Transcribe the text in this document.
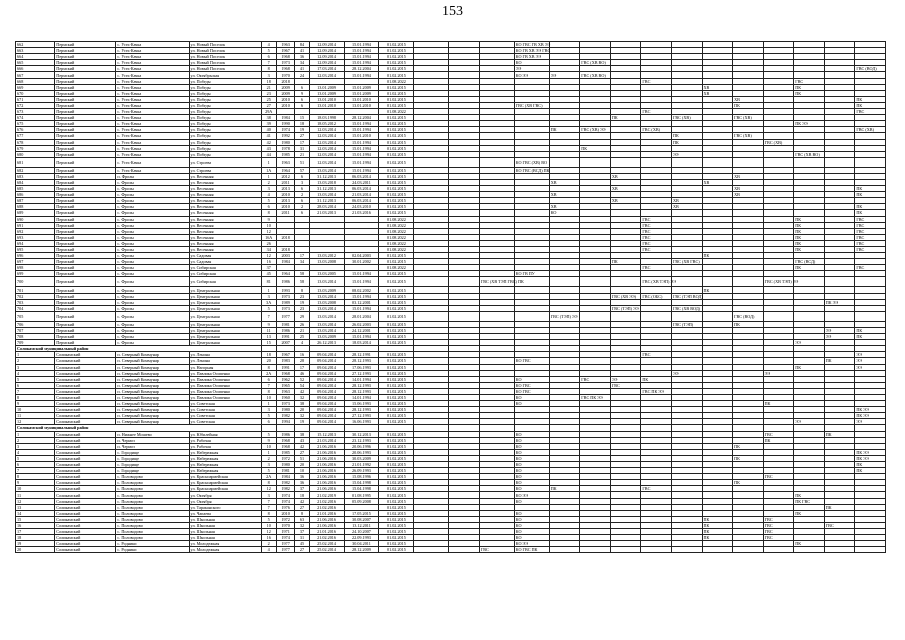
153
662	Пермский	с. Усть-Качка	ул. Новый Поселок	4	1963	84	12.09.2014	15.01.1994	01.02.2015				КО ГВС ГВ ХВ ЭЭ											
663	Пермский	с. Усть-Качка	ул. Новый Поселок	5	1967	41	12.09.2014	15.01.1994	01.02.2015				КО ГВ ХВ ЭЭ ГВС											
664	Пермский	с. Усть-Качка	ул. Новый Поселок	6	1968	36	12.09.2014	15.01.1994	01.02.2015				КО ГВ ХВ ЭЭ											
665	Пермский	с. Усть-Качка	ул. Новый Поселок	7	1973	34	12.09.2014	15.01.1994	01.02.2015				КО		ГВС (ХВ ВО)									
666	Пермский	с. Усть-Качка	ул. Новый Поселок	8	1968	41	17.03.2014	28.12.2004	01.02.2015				ЭЭ											ГВС (ВОД)
667	Пермский	с. Усть-Качка	ул. Октябрьская	3	1970	24	12.03.2014	15.01.1994	01.02.2015				КО ЭЭ	ЭЭ	ГВС (ХВ ВО)									
668	Пермский	с. Усть-Качка	ул. Победы	18	2018				01.08.2022								ГВС					ГВС		
669	Пермский	с. Усть-Качка	ул. Победы	21	2009	6	13.01.2009	15.01.2009	01.02.2015										ХВ			ПК		
670	Пермский	с. Усть-Качка	ул. Победы	23	2009	9	13.01.2009	15.01.2009	01.02.2015										ХВ			ПК		
671	Пермский	с. Усть-Качка	ул. Победы	25	2010	6	13.01.2010	13.01.2010	01.02.2015											ХВ				ПК
672	Пермский	с. Усть-Качка	ул. Победы	27	2010	6	13.01.2010	13.01.2010	01.02.2015				ГВС (ХВ ГВС)							ПК				ПК
673	Пермский	с. Усть-Качка	ул. Победы	29А					01.08.2022								ГВС							ГВС
674	Пермский	с. Усть-Качка	ул. Победы	38	1984	15	18.03.1998	28.12.2004	01.02.2015							ПК		ГВС (ХВ)		ГВС (ХВ)				
675	Пермский	с. Усть-Качка	ул. Победы	39	1990	18	18.05.2012	15.01.1994	01.02.2015													ПК ЭЭ		
676	Пермский	с. Усть-Качка	ул. Победы	40	1974	19	12.03.2014	15.01.1994	01.02.2015					ПК	ГВС (ХВ) ЭЭ		ГВС (ХВ)							ГВС (ХВ)
677	Пермский	с. Усть-Качка	ул. Победы	41	1992	27	12.03.2014	15.01.2010	01.02.2015									ПК		ГВС (ХВ)				
678	Пермский	с. Усть-Качка	ул. Победы	42	1980	17	12.03.2014	15.01.1994	01.02.2015									ПК			ГВС (ХВ)			
679	Пермский	с. Усть-Качка	ул. Победы	43	1978	31	12.03.2014	15.01.1994	01.02.2015						ПК									
680	Пермский	с. Усть-Качка	ул. Победы	44	1985	21	12.03.2014	15.01.1994	01.02.2015									ЭЭ				ГВС (ХВ ВО)		
681	Пермский	с. Усть-Качка	ул. Строева	1	1963	51	12.03.2014	15.01.1994	01.02.2015				КО ГВС (ХВ) ВО											
682	Пермский	с. Усть-Качка	ул. Строева	1А	1964	57	13.03.2014	15.01.1994	01.02.2015				КО ГВС (ВСД) ПК											
683	Пермский	п. Фролы	ул. Весенняя	1	2012	6	31.12.2013	06.03.2014	01.02.2015							ХВ				ХВ				
684	Пермский	с. Фролы	ул. Весенняя	2	2011	3	13.03.2018	24.03.2011	01.02.2015					ХВ					ХВ					
685	Пермский	с. Фролы	ул. Весенняя	3	2013	6	31.12.2013	06.03.2014	01.02.2015							ХВ				ХВ				ПК
686	Пермский	с. Фролы	ул. Весенняя	4	2010	2	13.03.2014	21.03.2014	01.02.2015					ХВ						ХВ				ПК
687	Пермский	с. Фролы	ул. Весенняя	5	2013	6	31.12.2013	06.03.2014	01.02.2015							ХВ		ХВ						
688	Пермский	с. Фролы	ул. Весенняя	6	2010	2	28.03.2014	24.03.2010	01.02.2015					ХВ				ХВ						ПК
689	Пермский	с. Фролы	ул. Весенняя	8	2011	6	21.03.2013	21.03.2016	01.02.2015					КО										ПК
690	Пермский	с. Фролы	ул. Весенняя	9					01.08.2022								ГВС					ПК		ГВС
691	Пермский	с. Фролы	ул. Весенняя	10					01.08.2022								ГВС					ПК		ГВС
692	Пермский	с. Фролы	ул. Весенняя	12					01.08.2022								ГВС					ПК		ГВС
693	Пермский	с. Фролы	ул. Весенняя	16А	2018				01.08.2022								ГВС					ПК		ГВС
694	Пермский	с. Фролы	ул. Весенняя	26					01.08.2022								ГВС					ПК		ГВС
695	Пермский	с. Фролы	ул. Весенняя	34	2018				01.08.2022								ГВС					ПК		ГВС
696	Пермский	с. Фролы	ул. Садовая	12	2003	17	13.03.2012	02.04.2003	01.02.2015										ПК					
697	Пермский	с. Фролы	ул. Садовая	16	1984	34	13.03.2008	30.01.2002	01.02.2015							ПК		ГВС (ХВ ГВС)				ГВС (ВСД)		
698	Пермский	с. Фролы	ул. Сибирская	37					01.08.2022								ГВС					ПК		ГВС
699	Пермский	с. Фролы	ул. Сибирская	45	1964	58	13.03.2005	15.01.1994	01.02.2015				КО ГВ ПУ											
700	Пермский	с. Фролы	ул. Сибирская	81	1986	58	13.03.2014	15.01.1994	01.02.2015			ГВС (ХВ ТЭП ГВС) ПК					ГВС (ХВ ТЭП) ЭЭ				ГВС (ХВ ТЭП) ЭЭ			
701	Пермский	с. Фролы	ул. Центральная	1	1993	8	13.03.2009	08.02.2002	01.02.2015										ПК					
702	Пермский	с. Фролы	ул. Центральная	3	1973	23	13.03.2014	15.01.1994	01.02.2015							ГВС (ХВ ЭЭ)	ГВС (ОБС)	ГВС (ТЭП ВОД)						
703	Пермский	с. Фролы	ул. Центральная	3А	1989	19	13.03.2008	03.12.2001	01.02.2015														ПК ЭЭ	
704	Пермский	с. Фролы	ул. Центральная	5	1973	23	13.03.2014	15.01.1994	01.02.2015							ГВС (ТЭП) ЭЭ		ГВС (ХВ ВОД)						
705	Пермский	с. Фролы	ул. Центральная	7	1977	29	13.03.2014	28.01.2004	01.02.2015					ГВС (ТЭП) ЭЭ						ГВС (ВОД)				
706	Пермский	с. Фролы	ул. Центральная	9	1981	26	13.03.2014	26.02.2003	01.02.2015									ГВС (ТЭП)		ПК				
707	Пермский	с. Фролы	ул. Центральная	11	1986	21	13.03.2014	24.12.2001	01.02.2015														ЭЭ	ПК
708	Пермский	с. Фролы	ул. Центральная	13	1991	25	13.03.2009	15.01.1994	01.02.2015														ЭЭ	ПК
709	Пермский	с. Фролы	ул. Центральная	15	2007	4	26.12.2013	18.03.2014	01.02.2015													ЭЭ		
Соликамский муниципальный район																								
1	Соликамский	п. Северный Коммунар	ул. Ленина	18	1967	16	09.04.2014	28.12.1991	01.02.2015								ГВС							ЭЭ
2	Соликамский	п. Северный Коммунар	ул. Ленина	20	1983	28	09.04.2014	28.12.1993	01.02.2015				КО ГВС										ПК	ЭЭ
3	Соликамский	п. Северный Коммунар	ул. Нагорная	8	1991	17	09.04.2014	17.06.1993	01.02.2015													ПК		ЭЭ
4	Соликамский	п. Северный Коммунар	ул. Павлика Осипенко	2А	1968	46	09.04.2014	27.12.1993	01.02.2015									ЭЭ			ЭЭ			
5	Соликамский	п. Северный Коммунар	ул. Павлика Осипенко	6	1962	52	09.04.2014	14.01.1994	01.02.2015				КО		ГВС	ЭЭ	ПК							
6	Соликамский	п. Северный Коммунар	ул. Павлика Осипенко	7	1965	54	09.04.2014	28.12.1993	01.02.2015				КО ГВС			ГВС								
7	Соликамский	п. Северный Коммунар	ул. Павлика Осипенко	8	1963	42	09.04.2014	28.12.1993	01.02.2015				КО ГВС				ГВС ПК ЭЭ							
8	Соликамский	п. Северный Коммунар	ул. Павлика Осипенко	10	1960	32	09.04.2014	14.01.1994	01.02.2015				КО		ГВС ПК ЭЭ									
9	Соликамский	п. Северный Коммунар	ул. Советская	1	1973	38	09.04.2014	15.06.1993	01.02.2015				КО								ПК			
10	Соликамский	п. Северный Коммунар	ул. Советская	3	1980	20	09.04.2014	28.12.1993	01.02.2015															ПК ЭЭ
11	Соликамский	п. Северный Коммунар	ул. Советская	5	1982	32	09.04.2014	27.12.1993	01.02.2015															ПК ЭЭ
12	Соликамский	п. Северный Коммунар	ул. Советская	6	1994	19	09.04.2014	16.06.1993	01.02.2015													ЭЭ		ЭЭ
Соликамский муниципальный район																								
1	Соликамский	п. Нижнее Мошево	ул. Юбилейная	5	1986	38	15.12.2013	30.12.2013	01.02.2015				КО								ГВС		ПК	
2	Соликамский	п. Чермоз	ул. Рабочая	9	1968	43	21.03.2014	23.12.1993	01.02.2015				КО								ПК			
3	Соликамский	п. Чермоз	ул. Рабочая	10	1968	42	21.06.2016	20.06.1996	01.02.2015				КО							ПК				
4	Соликамский	с. Городище	ул. Набережная	1	1985	27	21.06.2016	20.06.1993	01.02.2015				КО											ПК ЭЭ
5	Соликамский	с. Городище	ул. Набережная	2	1972	51	21.06.2016	30.03.2009	01.02.2015				КО							ПК				ПК ЭЭ
6	Соликамский	с. Городище	ул. Набережная	3	1980	20	21.06.2016	21.01.1992	01.02.2015				КО											ПК
7	Соликамский	с. Городище	ул. Набережная	5	1981	10	21.06.2016	26.09.1993	01.02.2015				КО											ПК
8	Соликамский	с. Половодово	ул. Красноармейская	2А	1984	36	21.06.2016	15.08.1996	01.02.2015				КО								ГВС			
9	Соликамский	с. Половодово	ул. Красноармейская	8	1982	36	21.06.2016	15.04.1998	01.02.2015				КО							ПК				
10	Соликамский	с. Половодово	ул. Красноармейская	12	1982	37	21.06.2016	15.04.1998	01.02.2015				КО	ПК			ГВС							
11	Соликамский	с. Половодово	ул. Октября	3	1974	18	21.02.2019	01.08.1995	01.02.2015				КО ЭЭ									ПК		
12	Соликамский	с. Половодово	ул. Октября	7	1974	42	21.02.2016	05.09.2008	01.02.2015				КО									ПК ГВС		
13	Соликамский	с. Половодово	ул. Тараканского	7	1976	27	21.02.2016		01.02.2015														ПК	
14	Соликамский	с. Половодово	ул. Чапаева	8	2010	8	21.01.2016	17.05.2015	01.02.2015				КО									ПК		
15	Соликамский	с. Половодово	ул. Школьная	5	1972	63	21.06.2016	30.08.2007	01.02.2015				КО						ПК		ГВС			
16	Соликамский	с. Половодово	ул. Школьная	10	1970	32	21.06.2016	13.12.2011	01.02.2015				КО						ПК		ГВС		ГВС	
17	Соликамский	с. Половодово	ул. Школьная	12	1971	37	21.01.2016	24.10.2007	01.02.2015				КО						ПК		ГВС			
18	Соликамский	с. Половодово	ул. Школьная	16	1974	31	21.02.2016	22.09.1993	01.02.2015				КО						ПК		ГВС			
19	Соликамский	с. Родники	ул. Молодежная	2	1977	45	25.02.2014	30.04.2011	01.02.2015				КО ЭЭ									ПК		
20	Соликамский	с. Родники	ул. Молодежная	4	1977	27	25.02.2014	28.12.2009	01.02.2015			ГВС	КО ГВС ПК											
